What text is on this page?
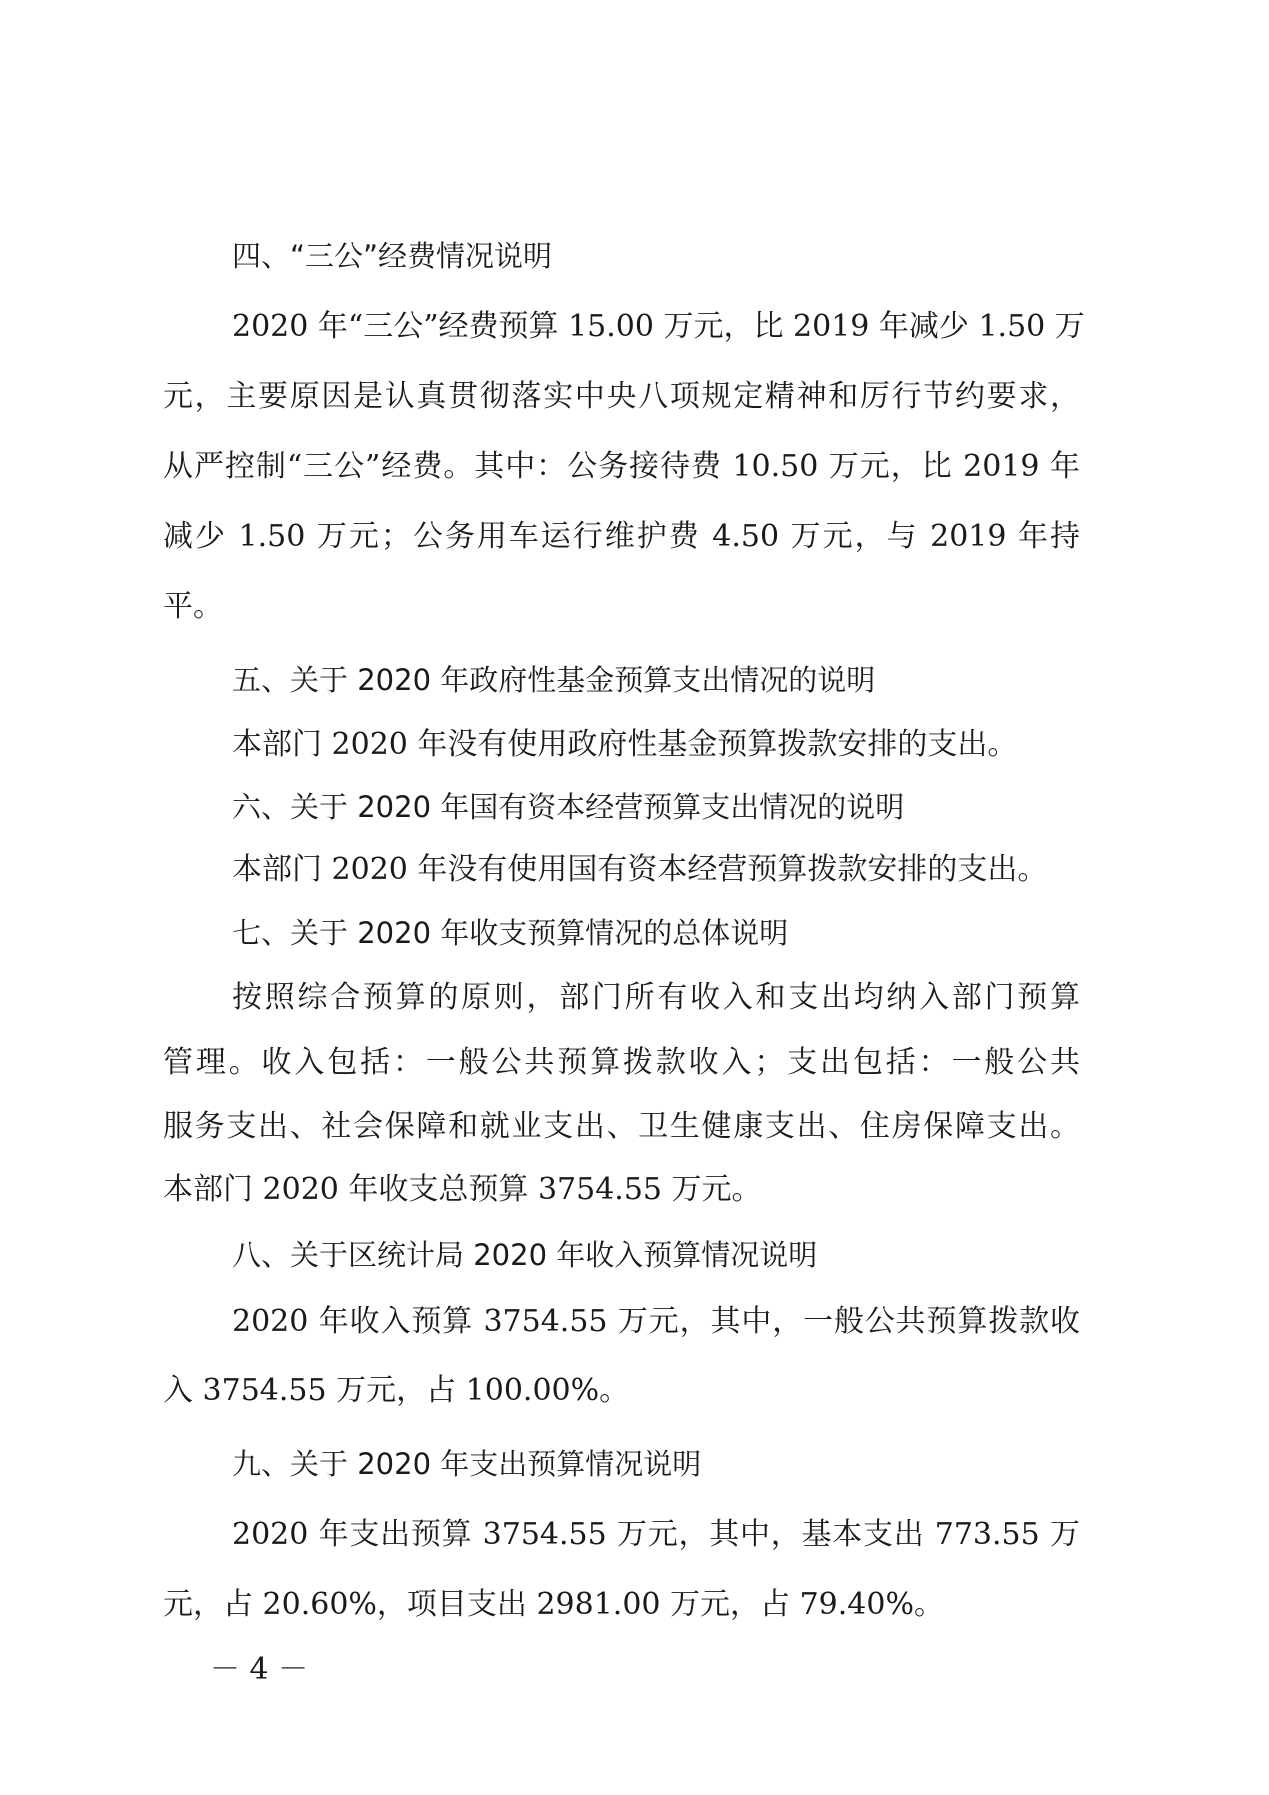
四、“三公”经费情况说明
2020 年“三公”经费预算 15.00 万元，比 2019 年减少 1.50 万
元，主要原因是认真贯彻落实中央八项规定精神和厉行节约要求，
从严控制“三公”经费。其中：公务接待费 10.50 万元，比 2019 年
减少 1.50 万元；公务用车运行维护费 4.50 万元，与 2019 年持
平。
五、关于 2020 年政府性基金预算支出情况的说明
本部门 2020 年没有使用政府性基金预算拨款安排的支出。
六、关于 2020 年国有资本经营预算支出情况的说明
本部门 2020 年没有使用国有资本经营预算拨款安排的支出。
七、关于 2020 年收支预算情况的总体说明
按照综合预算的原则，部门所有收入和支出均纳入部门预算
管理。收入包括：一般公共预算拨款收入；支出包括：一般公共
服务支出、社会保障和就业支出、卫生健康支出、住房保障支出。
本部门 2020 年收支总预算 3754.55 万元。
八、关于区统计局 2020 年收入预算情况说明
2020 年收入预算 3754.55 万元，其中，一般公共预算拨款收
入 3754.55 万元，占 100.00%。
九、关于 2020 年支出预算情况说明
2020 年支出预算 3754.55 万元，其中，基本支出 773.55 万
元，占 20.60%，项目支出 2981.00 万元，占 79.40%。
－ 4 －
